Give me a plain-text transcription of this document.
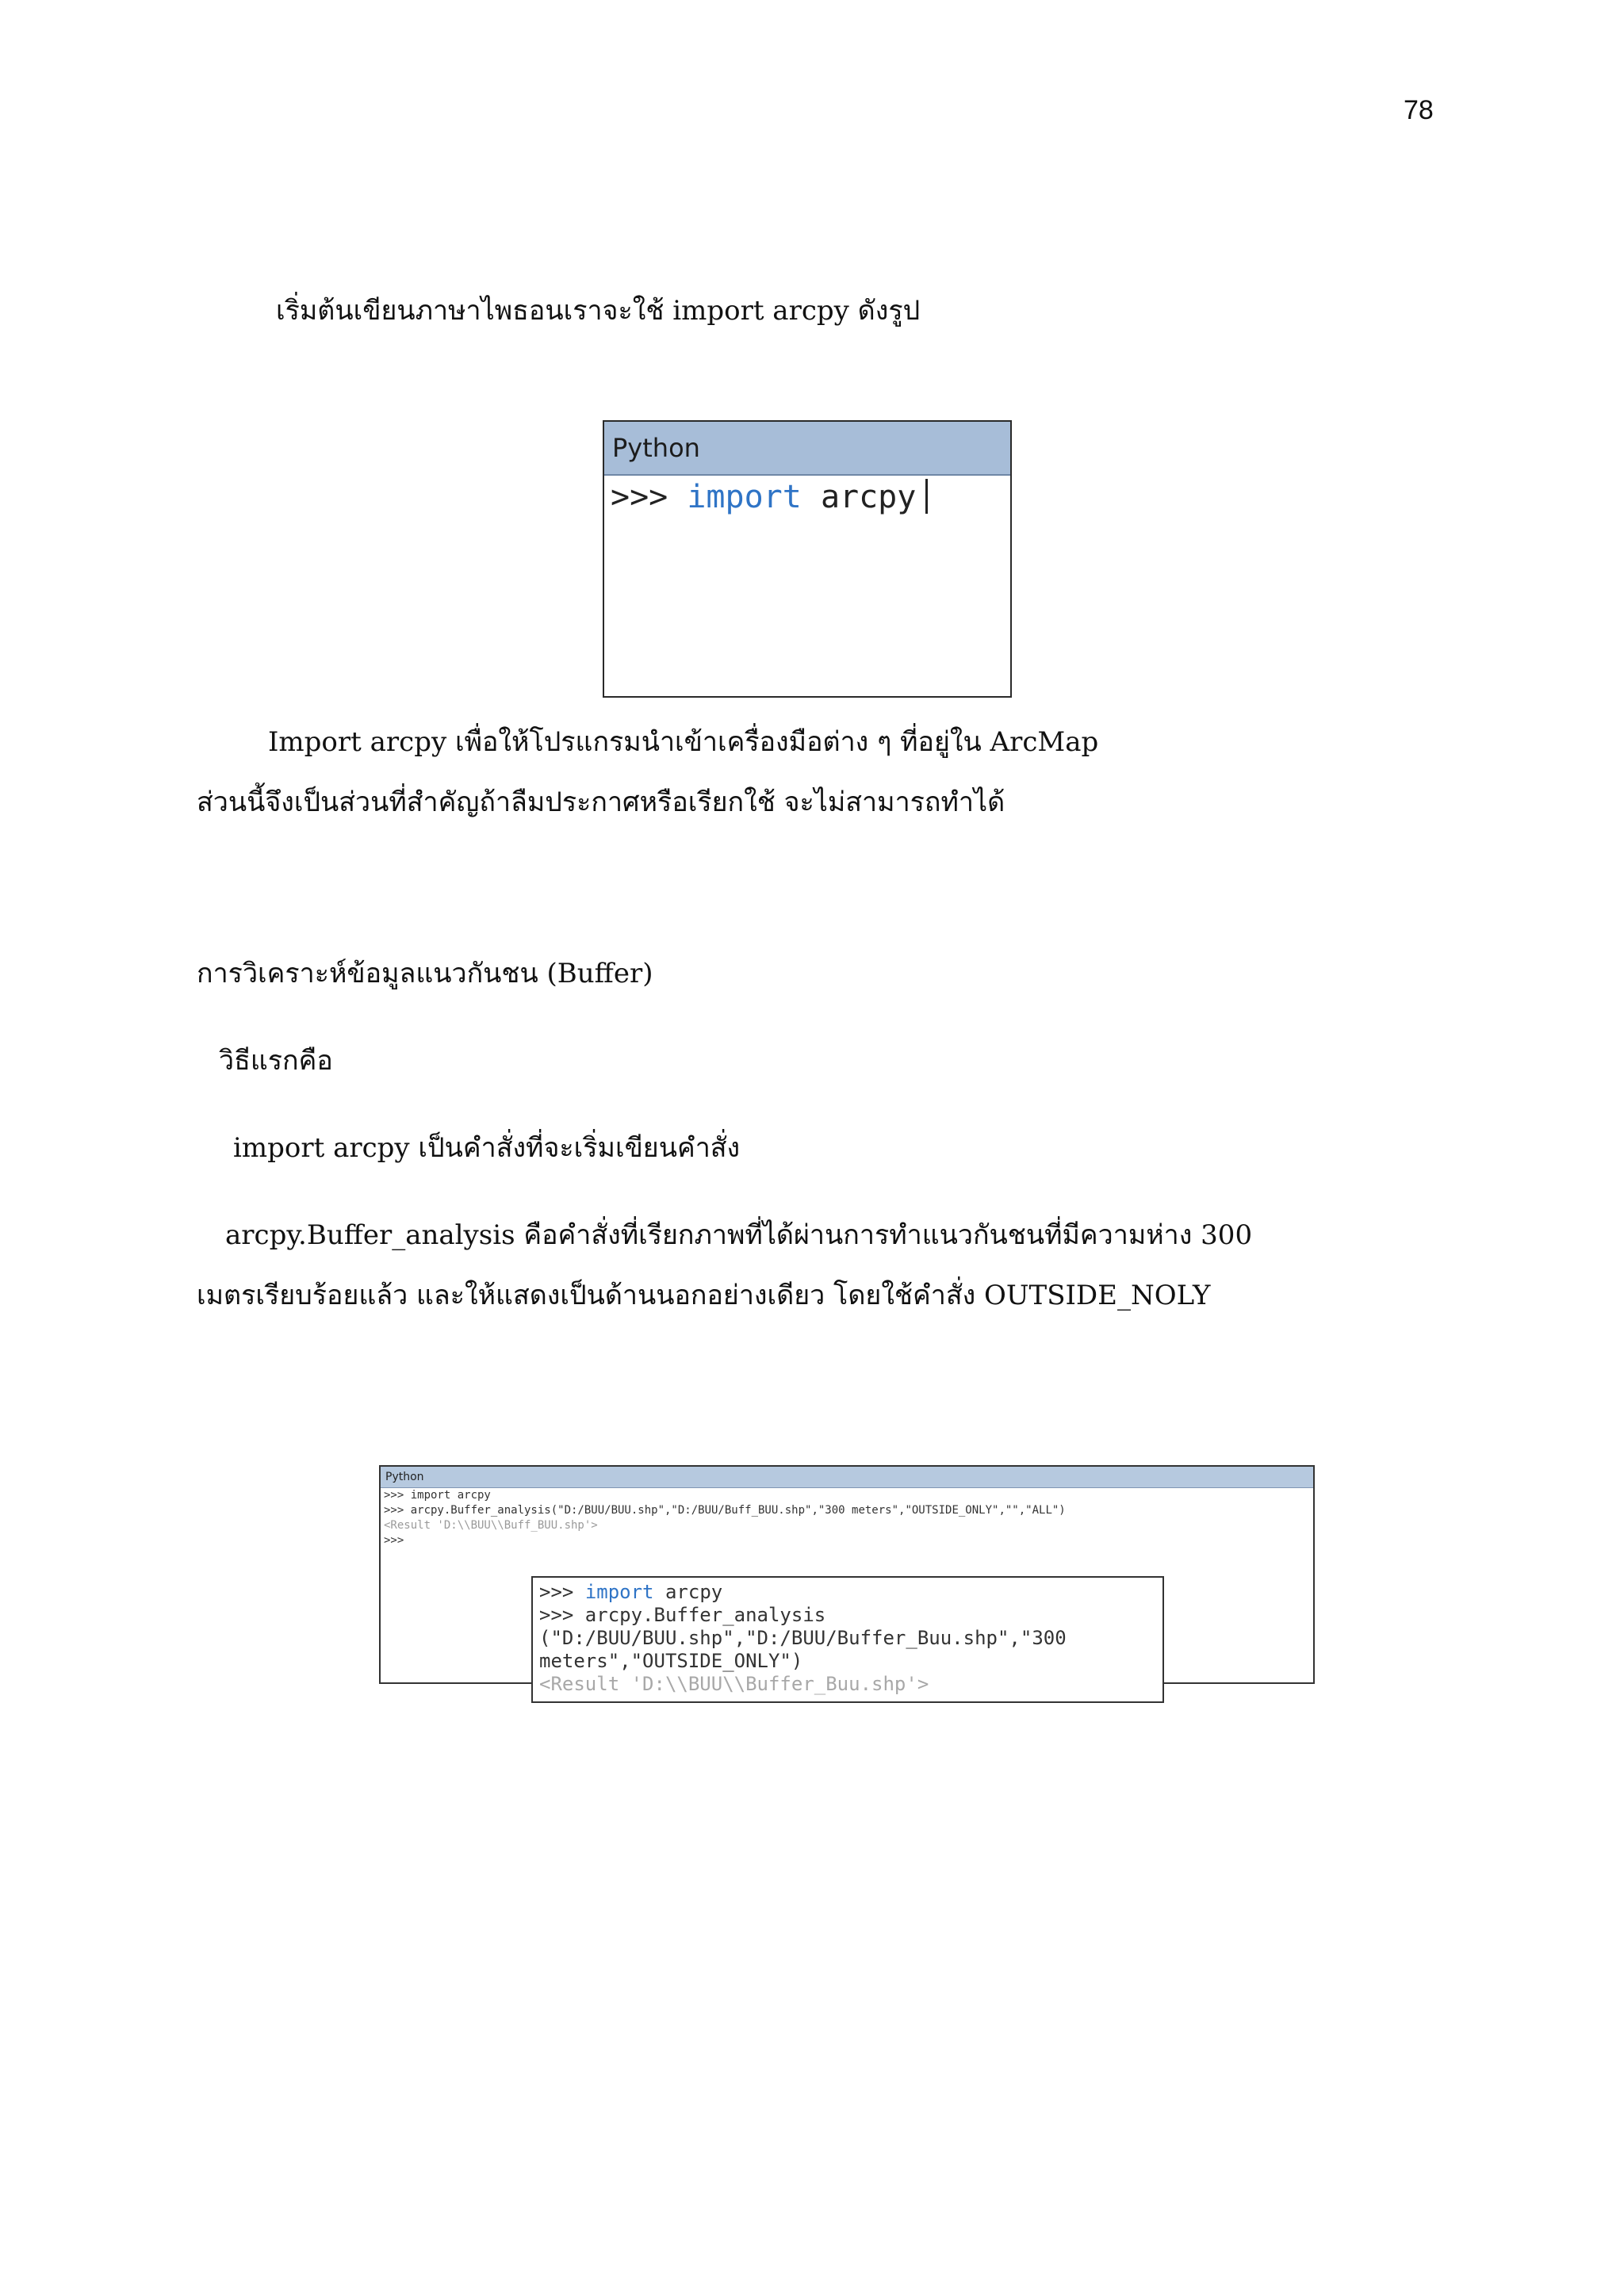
78
เริ่มต้นเขียนภาษาไพธอนเราจะใช้ import arcpy ดังรูป
Python
>>> import arcpy
Import arcpy เพื่อให้โปรแกรมนำเข้าเครื่องมือต่าง ๆ ที่อยู่ใน ArcMap
ส่วนนี้จึงเป็นส่วนที่สำคัญถ้าลืมประกาศหรือเรียกใช้ จะไม่สามารถทำได้
การวิเคราะห์ข้อมูลแนวกันชน (Buffer)
วิธีแรกคือ
import arcpy เป็นคำสั่งที่จะเริ่มเขียนคำสั่ง
arcpy.Buffer_analysis คือคำสั่งที่เรียกภาพที่ได้ผ่านการทำแนวกันชนที่มีความห่าง 300
เมตรเรียบร้อยแล้ว และให้แสดงเป็นด้านนอกอย่างเดียว โดยใช้คำสั่ง OUTSIDE_NOLY
Python
>>> import arcpy
>>> arcpy.Buffer_analysis("D:/BUU/BUU.shp","D:/BUU/Buff_BUU.shp","300 meters","OUTSIDE_ONLY","","ALL")
<Result 'D:\\BUU\\Buff_BUU.shp'>
>>>
>>> import arcpy
>>> arcpy.Buffer_analysis
("D:/BUU/BUU.shp","D:/BUU/Buffer_Buu.shp","300
meters","OUTSIDE_ONLY")
<Result 'D:\\BUU\\Buffer_Buu.shp'>
